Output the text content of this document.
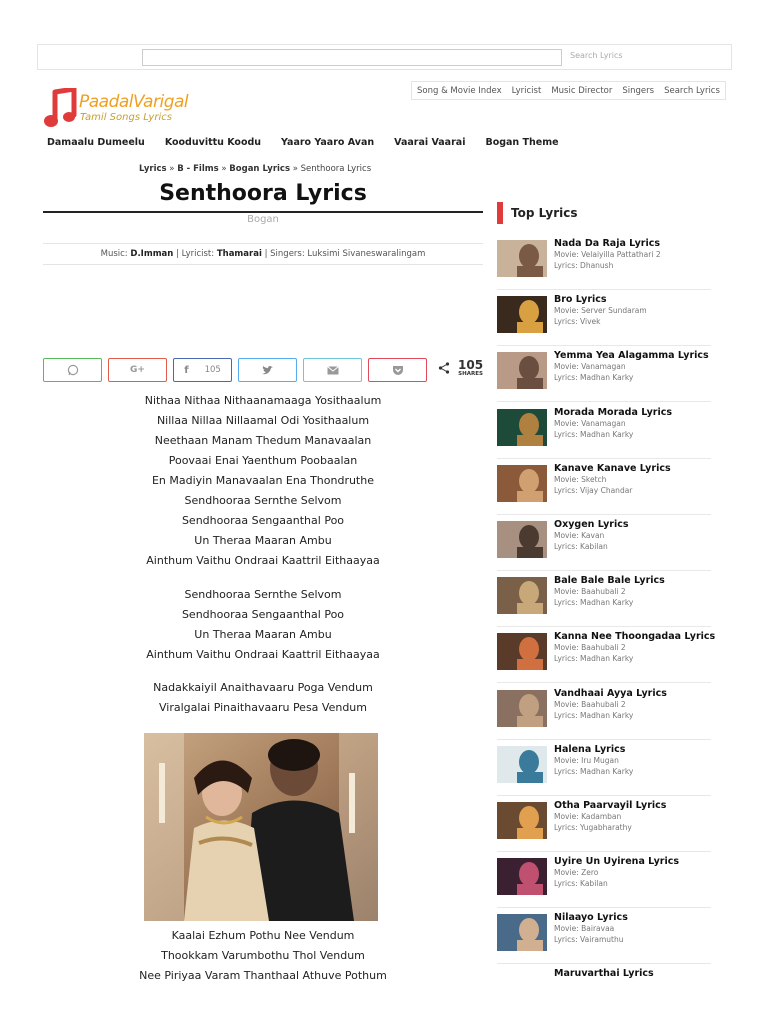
Search Lyrics
PaadalVarigal
Tamil Songs Lyrics
Song & Movie Index	Lyricist	Music Director	Singers	Search Lyrics
Damaalu Dumeelu Kooduvittu Koodu Yaaro Yaaro Avan Vaarai Vaarai Bogan Theme
Lyrics » B - Films » Bogan Lyrics » Senthoora Lyrics
Senthoora Lyrics
Bogan
Music: D.Imman | Lyricist: Thamarai | Singers: Luksimi Sivaneswaralingam
G+	f 105	105
SHARES
Nithaa Nithaa Nithaanamaaga Yosithaalum
Nillaa Nillaa Nillaamal Odi Yosithaalum
Neethaan Manam Thedum Manavaalan
Poovaai Enai Yaenthum Poobaalan
En Madiyin Manavaalan Ena Thondruthe
Sendhooraa Sernthe Selvom
Sendhooraa Sengaanthal Poo
Un Theraa Maaran Ambu
Ainthum Vaithu Ondraai Kaattril Eithaayaa
Sendhooraa Sernthe Selvom
Sendhooraa Sengaanthal Poo
Un Theraa Maaran Ambu
Ainthum Vaithu Ondraai Kaattril Eithaayaa
Nadakkaiyil Anaithavaaru Poga Vendum
Viralgalai Pinaithavaaru Pesa Vendum
Kaalai Ezhum Pothu Nee Vendum
Thookkam Varumbothu Thol Vendum
Nee Piriyaa Varam Thanthaal Athuve Pothum
Top Lyrics
Nada Da Raja Lyrics
Movie: Velaiyilla Pattathari 2
Lyrics: Dhanush
Bro Lyrics
Movie: Server Sundaram
Lyrics: Vivek
Yemma Yea Alagamma Lyrics
Movie: Vanamagan
Lyrics: Madhan Karky
Morada Morada Lyrics
Movie: Vanamagan
Lyrics: Madhan Karky
Kanave Kanave Lyrics
Movie: Sketch
Lyrics: Vijay Chandar
Oxygen Lyrics
Movie: Kavan
Lyrics: Kabilan
Bale Bale Bale Lyrics
Movie: Baahubali 2
Lyrics: Madhan Karky
Kanna Nee Thoongadaa Lyrics
Movie: Baahubali 2
Lyrics: Madhan Karky
Vandhaai Ayya Lyrics
Movie: Baahubali 2
Lyrics: Madhan Karky
Halena Lyrics
Movie: Iru Mugan
Lyrics: Madhan Karky
Otha Paarvayil Lyrics
Movie: Kadamban
Lyrics: Yugabharathy
Uyire Un Uyirena Lyrics
Movie: Zero
Lyrics: Kabilan
Nilaayo Lyrics
Movie: Bairavaa
Lyrics: Vairamuthu
Maruvarthai Lyrics
